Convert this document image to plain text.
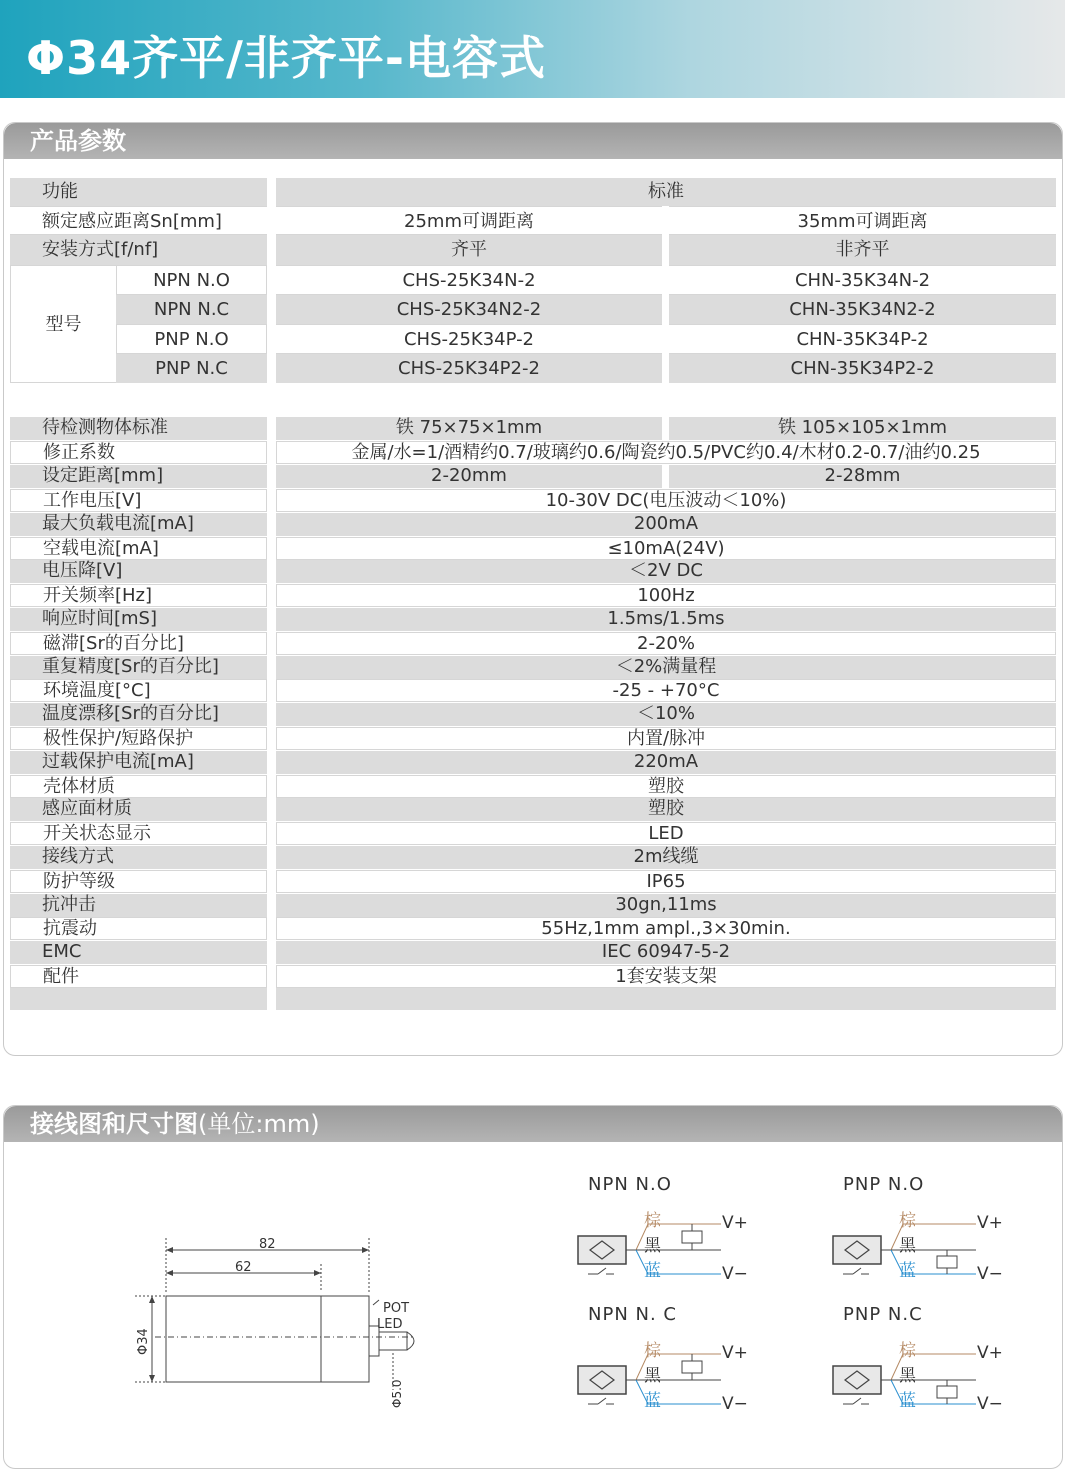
Φ34齐平/非齐平-电容式
产品参数
功能	标准
额定感应距离Sn[mm]	25mm可调距离	35mm可调距离
安装方式[f/nf]	齐平	非齐平
型号
NPN N.O	CHS-25K34N-2	CHN-35K34N-2
NPN N.C	CHS-25K34N2-2	CHN-35K34N2-2
PNP N.O	CHS-25K34P-2	CHN-35K34P-2
PNP N.C	CHS-25K34P2-2	CHN-35K34P2-2
待检测物体标准	铁 75×75×1mm	铁 105×105×1mm
修正系数	金属/水=1/酒精约0.7/玻璃约0.6/陶瓷约0.5/PVC约0.4/木材0.2-0.7/油约0.25
设定距离[mm]	2-20mm	2-28mm
工作电压[V]	10-30V DC(电压波动＜10%)
最大负载电流[mA]	200mA
空载电流[mA]	≤10mA(24V)
电压降[V]	＜2V DC
开关频率[Hz]	100Hz
响应时间[mS]	1.5ms/1.5ms
磁滞[Sr的百分比]	2-20%
重复精度[Sr的百分比]	＜2%满量程
环境温度[°C]	-25 - +70°C
温度漂移[Sr的百分比]	＜10%
极性保护/短路保护	内置/脉冲
过载保护电流[mA]	220mA
壳体材质	塑胶
感应面材质	塑胶
开关状态显示	LED
接线方式	2m线缆
防护等级	IP65
抗冲击	30gn,11ms
抗震动	55Hz,1mm ampl.,3×30min.
EMC	IEC 60947-5-2
配件	1套安装支架
接线图和尺寸图(单位:mm)
82
62
Φ34
Φ5.0
POT
LED
NPN N.O
棕
黑
蓝
V+
V−
PNP N.O
棕
黑
蓝
V+
V−
NPN N. C
棕
黑
蓝
V+
V−
PNP N.C
棕
黑
蓝
V+
V−
